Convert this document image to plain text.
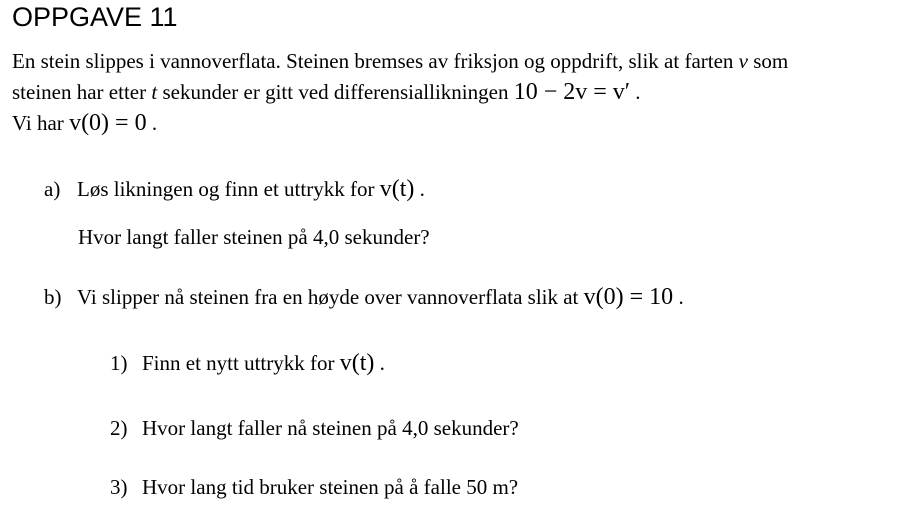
OPPGAVE 11
En stein slippes i vannoverflata. Steinen bremses av friksjon og oppdrift, slik at farten v som
steinen har etter t sekunder er gitt ved differensiallikningen 10 − 2v = v′ .
Vi har v(0) = 0 .
a) Løs likningen og finn et uttrykk for v(t) .
Hvor langt faller steinen på 4,0 sekunder?
b) Vi slipper nå steinen fra en høyde over vannoverflata slik at v(0) = 10 .
1) Finn et nytt uttrykk for v(t) .
2) Hvor langt faller nå steinen på 4,0 sekunder?
3) Hvor lang tid bruker steinen på å falle 50 m?
